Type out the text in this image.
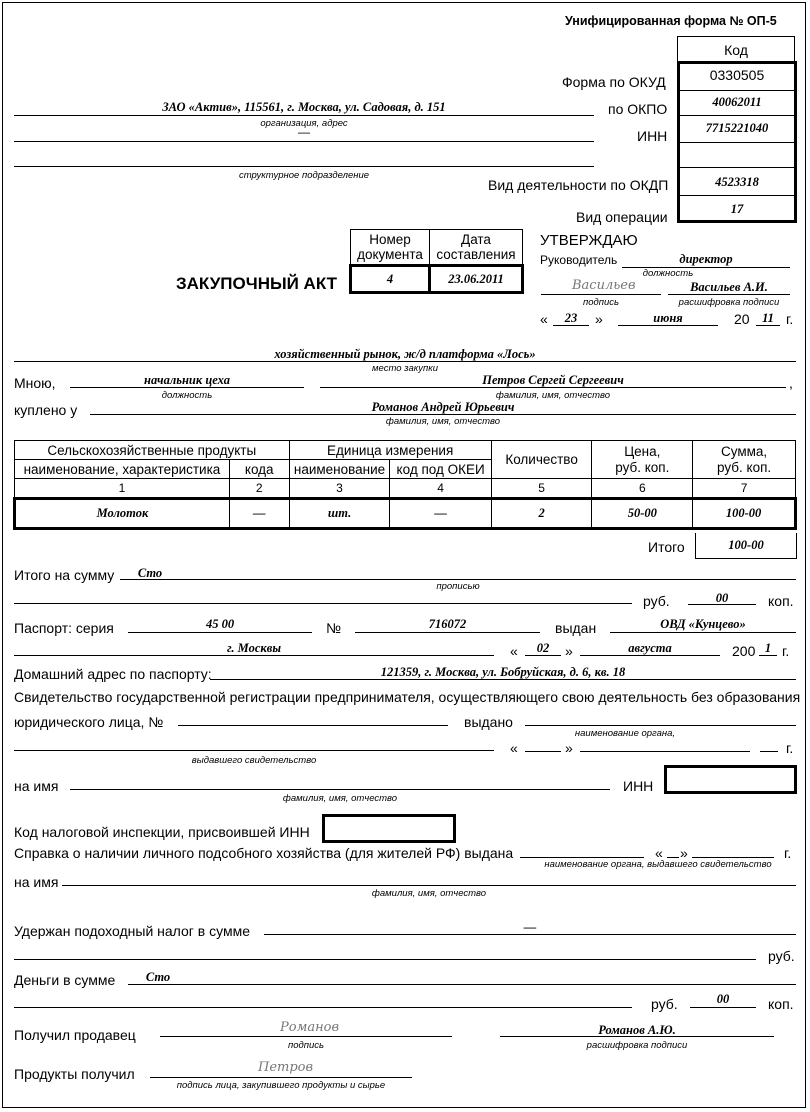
Унифицированная форма № ОП-5
Код
Форма по ОКУД	0330505
по ОКПО	40062011
ИНН	7715221040
Вид деятельности по ОКДП	4523318
Вид операции	17
ЗАО «Актив», 115561, г. Москва, ул. Садовая, д. 151
организация, адрес
—
структурное подразделение
Номер документа	Дата составления
4	23.06.2011
ЗАКУПОЧНЫЙ АКТ
УТВЕРЖДАЮ
Руководитель	директор
должность
Васильев
подпись
Васильев А.И.
расшифровка подписи
«	23	»	июня	20	11 г.
хозяйственный рынок, ж/д платформа «Лось»
место закупки
Мною,	начальник цеха
должность
Петров Сергей Сергеевич
фамилия, имя, отчество
,
куплено у	Романов Андрей Юрьевич
фамилия, имя, отчество
Сельскохозяйственные продукты		Единица измерения		Количество	Цена, руб. коп.	Сумма, руб. коп.
наименование, характеристика	кода	наименование	код под ОКЕИ			
1	2	3	4	5	6	7
Молоток	—	шт.	—	2	50-00	100-00
Итого	100-00
Итого на сумму	Сто
прописью
руб.	00	коп.
Паспорт: серия	45 00	№	716072	выдан	ОВД «Кунцево»
г. Москвы	«	02	»	августа	200 1 г.
Домашний адрес по паспорту:	121359, г. Москва, ул. Бобруйская, д. 6, кв. 18
Свидетельство государственной регистрации предпринимателя, осуществляющего свою деятельность без образования
юридического лица, №	выдано
наименование органа,
выдавшего свидетельство
«	»	г.
на имя
фамилия, имя, отчество
ИНН
Код налоговой инспекции, присвоившей ИНН
Справка о наличии личного подсобного хозяйства (для жителей РФ) выдана	« »	г.
наименование органа, выдавшего свидетельство
на имя
фамилия, имя, отчество
Удержан подоходный налог в сумме	—
руб.
Деньги в сумме	Сто
руб.	00	коп.
Получил продавец	Романов
подпись
Романов А.Ю.
расшифровка подписи
Продукты получил	Петров
подпись лица, закупившего продукты и сырье
